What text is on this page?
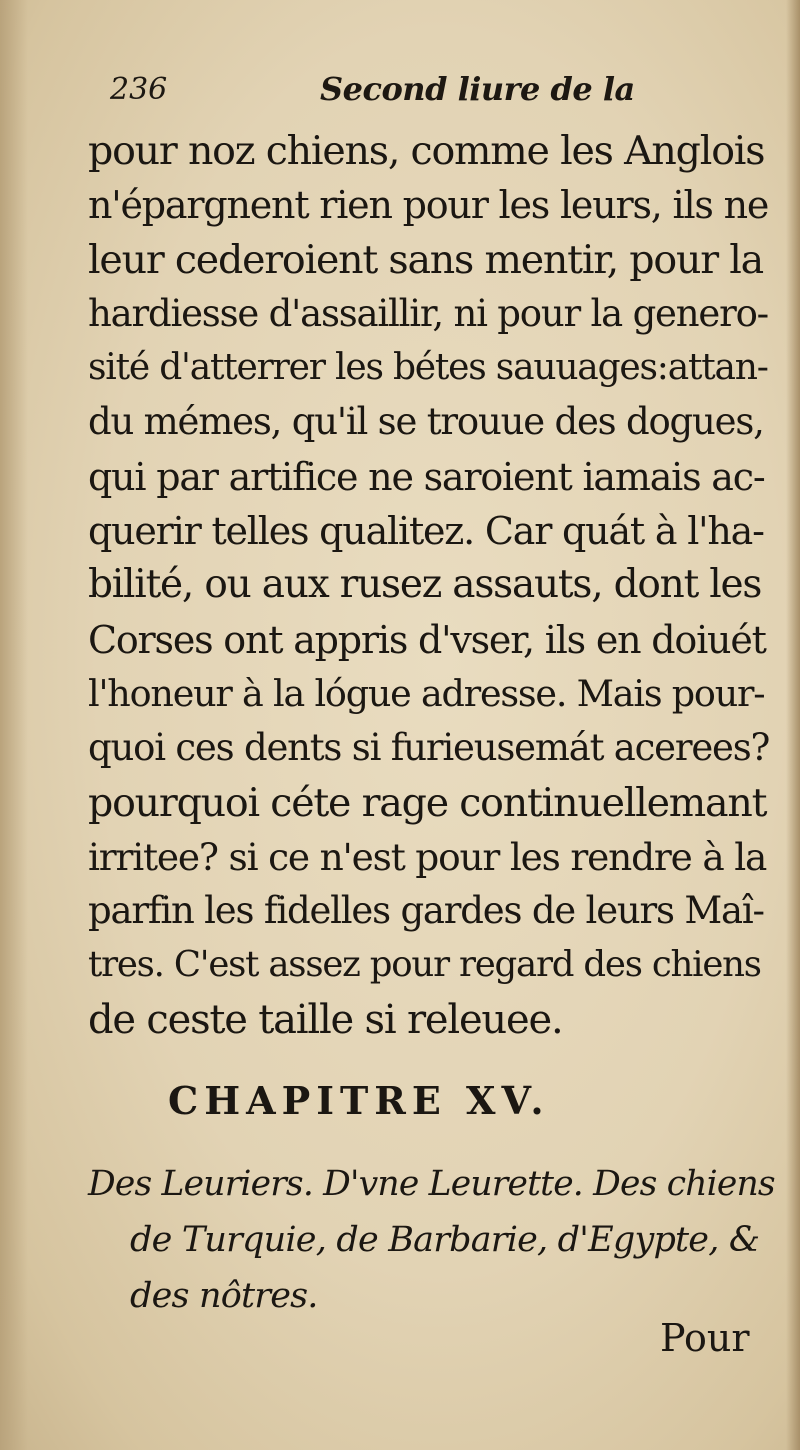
236	Second liure de la
pour noz chiens, comme les Anglois
n'épargnent rien pour les leurs, ils ne
leur cederoient sans mentir, pour la
hardiesse d'assaillir, ni pour la genero-
sité d'atterrer les bétes sauuages:attan-
du mémes, qu'il se trouue des dogues,
qui par artifice ne saroient iamais ac-
querir telles qualitez. Car quát à l'ha-
bilité, ou aux rusez assauts, dont les
Corses ont appris d'vser, ils en doiuét
l'honeur à la lógue adresse. Mais pour-
quoi ces dents si furieusemát acerees?
pourquoi céte rage continuellemant
irritee? si ce n'est pour les rendre à la
parfin les fidelles gardes de leurs Maî-
tres. C'est assez pour regard des chiens
de ceste taille si releuee.
CHAPITRE XV.
Des Leuriers. D'vne Leurette. Des chiens
de Turquie, de Barbarie, d'Egypte, &
des nôtres.
Pour
